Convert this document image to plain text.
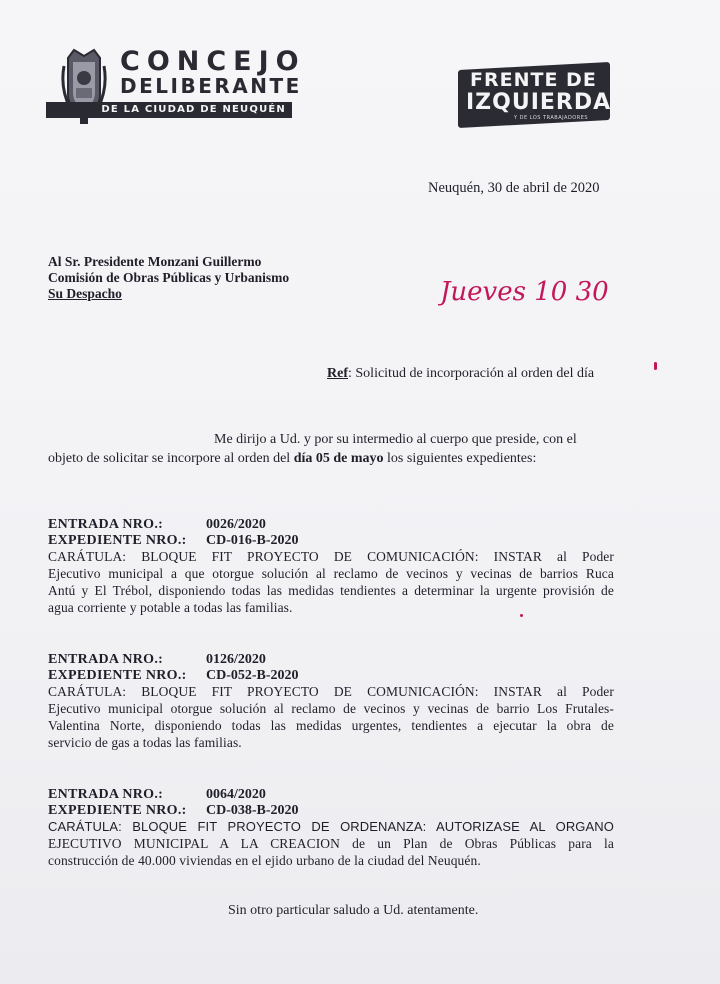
CONCEJO
DELIBERANTE
DE LA CIUDAD DE NEUQUÉN
FRENTE DE
IZQUIERDA
Y DE LOS TRABAJADORES
Neuquén, 30 de abril de 2020
Al Sr. Presidente Monzani Guillermo
Comisión de Obras Públicas y Urbanismo
Su Despacho	Jueves 10 30
Ref: Solicitud de incorporación al orden del día
Me dirijo a Ud. y por su intermedio al cuerpo que preside, con el
objeto de solicitar se incorpore al orden del día 05 de mayo los siguientes expedientes:
ENTRADA NRO.:	0026/2020
EXPEDIENTE NRO.: CD-016-B-2020
CARÁTULA: BLOQUE FIT PROYECTO DE COMUNICACIÓN: INSTAR al Poder
Ejecutivo municipal a que otorgue solución al reclamo de vecinos y vecinas de barrios Ruca
Antú y El Trébol, disponiendo todas las medidas tendientes a determinar la urgente provisión de
agua corriente y potable a todas las familias.
ENTRADA NRO.:	0126/2020
EXPEDIENTE NRO.: CD-052-B-2020
CARÁTULA: BLOQUE FIT PROYECTO DE COMUNICACIÓN: INSTAR al Poder
Ejecutivo municipal otorgue solución al reclamo de vecinos y vecinas de barrio Los Frutales-
Valentina Norte, disponiendo todas las medidas urgentes, tendientes a ejecutar la obra de
servicio de gas a todas las familias.
ENTRADA NRO.:	0064/2020
EXPEDIENTE NRO.: CD-038-B-2020
CARÁTULA: BLOQUE FIT PROYECTO DE ORDENANZA: AUTORIZASE AL ORGANO
EJECUTIVO MUNICIPAL A LA CREACION de un Plan de Obras Públicas para la
construcción de 40.000 viviendas en el ejido urbano de la ciudad del Neuquén.
Sin otro particular saludo a Ud. atentamente.
